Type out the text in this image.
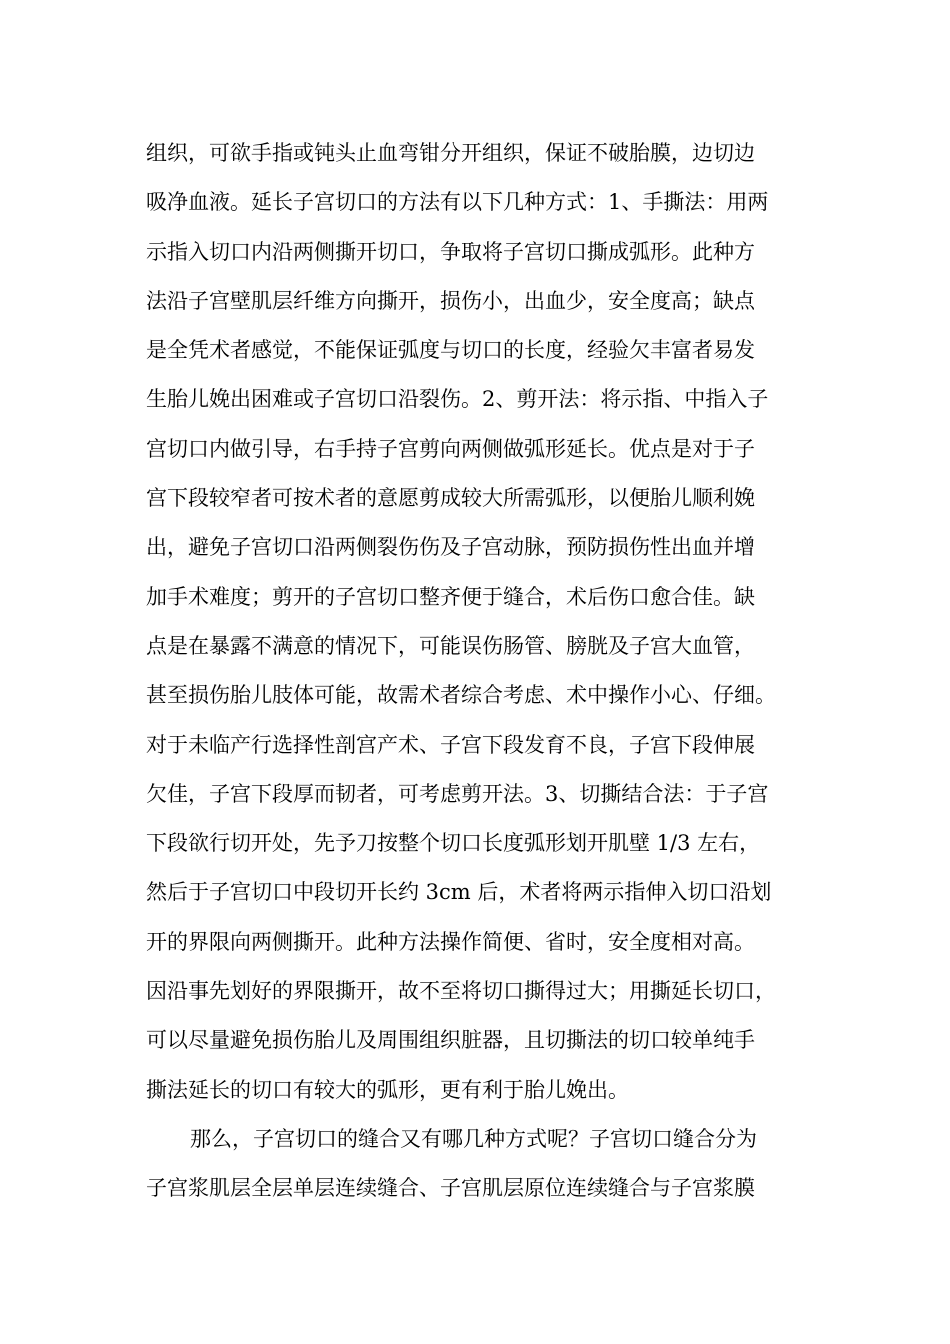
组织，可欲手指或钝头止血弯钳分开组织，保证不破胎膜，边切边
吸净血液。延长子宫切口的方法有以下几种方式：1、手撕法：用两
示指入切口内沿两侧撕开切口，争取将子宫切口撕成弧形。此种方
法沿子宫壁肌层纤维方向撕开，损伤小，出血少，安全度高；缺点
是全凭术者感觉，不能保证弧度与切口的长度，经验欠丰富者易发
生胎儿娩出困难或子宫切口沿裂伤。2、剪开法：将示指、中指入子
宫切口内做引导，右手持子宫剪向两侧做弧形延长。优点是对于子
宫下段较窄者可按术者的意愿剪成较大所需弧形，以便胎儿顺利娩
出，避免子宫切口沿两侧裂伤伤及子宫动脉，预防损伤性出血并增
加手术难度；剪开的子宫切口整齐便于缝合，术后伤口愈合佳。缺
点是在暴露不满意的情况下，可能误伤肠管、膀胱及子宫大血管，
甚至损伤胎儿肢体可能，故需术者综合考虑、术中操作小心、仔细。
对于未临产行选择性剖宫产术、子宫下段发育不良，子宫下段伸展
欠佳，子宫下段厚而韧者，可考虑剪开法。3、切撕结合法：于子宫
下段欲行切开处，先予刀按整个切口长度弧形划开肌壁 1/3 左右，
然后于子宫切口中段切开长约 3cm 后，术者将两示指伸入切口沿划
开的界限向两侧撕开。此种方法操作简便、省时，安全度相对高。
因沿事先划好的界限撕开，故不至将切口撕得过大；用撕延长切口，
可以尽量避免损伤胎儿及周围组织脏器，且切撕法的切口较单纯手
撕法延长的切口有较大的弧形，更有利于胎儿娩出。
那么，子宫切口的缝合又有哪几种方式呢？子宫切口缝合分为
子宫浆肌层全层单层连续缝合、子宫肌层原位连续缝合与子宫浆膜
